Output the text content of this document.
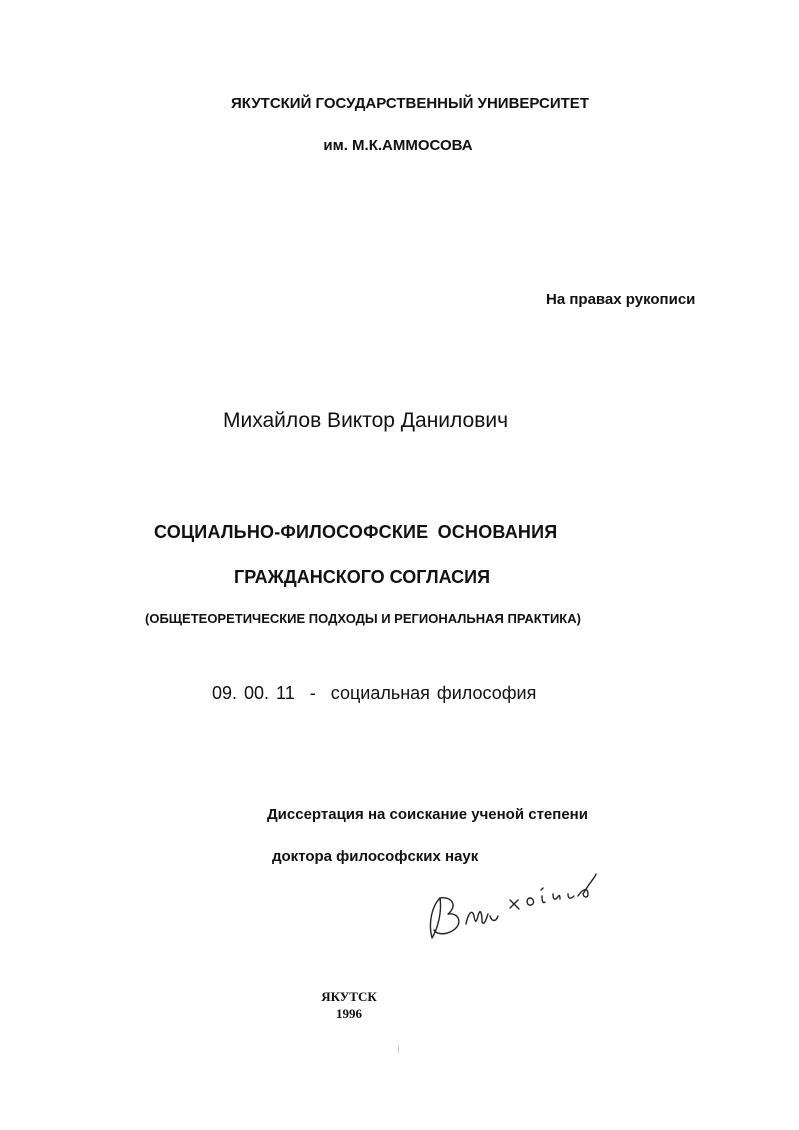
ЯКУТСКИЙ ГОСУДАРСТВЕННЫЙ УНИВЕРСИТЕТ
им. М.К.АММОСОВА
На правах рукописи
Михайлов Виктор Данилович
СОЦИАЛЬНО-ФИЛОСОФСКИЕ ОСНОВАНИЯ
ГРАЖДАНСКОГО СОГЛАСИЯ
(ОБЩЕТЕОРЕТИЧЕСКИЕ ПОДХОДЫ И РЕГИОНАЛЬНАЯ ПРАКТИКА)
09. 00. 11 - социальная философия
Диссертация на соискание ученой степени
доктора философских наук
ЯКУТСК
1996
